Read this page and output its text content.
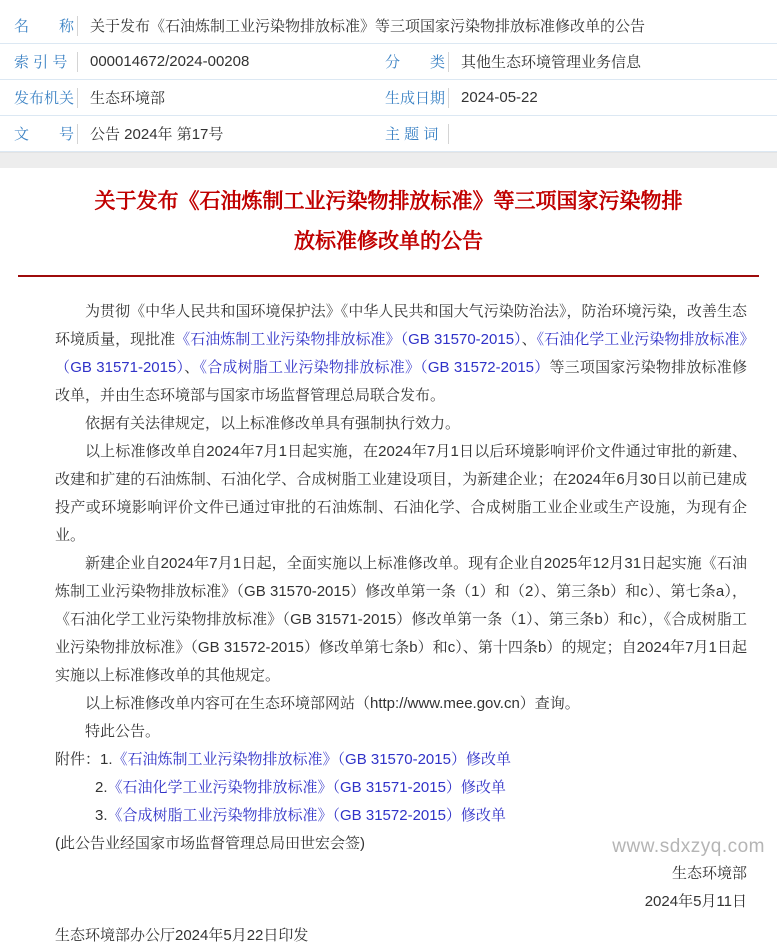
名　　称 关于发布《石油炼制工业污染物排放标准》等三项国家污染物排放标准修改单的公告
索 引 号	000014672/2024-00208	分　　类 其他生态环境管理业务信息
发布机关 生态环境部	生成日期 2024-05-22
文　　号 公告 2024年 第17号	主 题 词
关于发布《石油炼制工业污染物排放标准》等三项国家污染物排
放标准修改单的公告

为贯彻《中华人民共和国环境保护法》《中华人民共和国大气污染防治法》，防治环境污染，改善生态环境质量，现批准《石油炼制工业污染物排放标准》（GB 31570-2015）、《石油化学工业污染物排放标准》（GB 31571-2015）、《合成树脂工业污染物排放标准》（GB 31572-2015）等三项国家污染物排放标准修改单，并由生态环境部与国家市场监督管理总局联合发布。

依据有关法律规定，以上标准修改单具有强制执行效力。

以上标准修改单自2024年7月1日起实施，在2024年7月1日以后环境影响评价文件通过审批的新建、改建和扩建的石油炼制、石油化学、合成树脂工业建设项目，为新建企业；在2024年6月30日以前已建成投产或环境影响评价文件已通过审批的石油炼制、石油化学、合成树脂工业企业或生产设施，为现有企业。

新建企业自2024年7月1日起，全面实施以上标准修改单。现有企业自2025年12月31日起实施《石油炼制工业污染物排放标准》（GB 31570-2015）修改单第一条（1）和（2）、第三条b）和c）、第七条a），《石油化学工业污染物排放标准》（GB 31571-2015）修改单第一条（1）、第三条b）和c），《合成树脂工业污染物排放标准》（GB 31572-2015）修改单第七条b）和c）、第十四条b）的规定；自2024年7月1日起实施以上标准修改单的其他规定。

以上标准修改单内容可在生态环境部网站（http://www.mee.gov.cn）查询。

特此公告。

附件：1.《石油炼制工业污染物排放标准》（GB 31570-2015）修改单
2.《石油化学工业污染物排放标准》（GB 31571-2015）修改单
3.《合成树脂工业污染物排放标准》（GB 31572-2015）修改单

(此公告业经国家市场监督管理总局田世宏会签)

生态环境部
2024年5月11日

生态环境部办公厅2024年5月22日印发

www.sdxzyq.com
